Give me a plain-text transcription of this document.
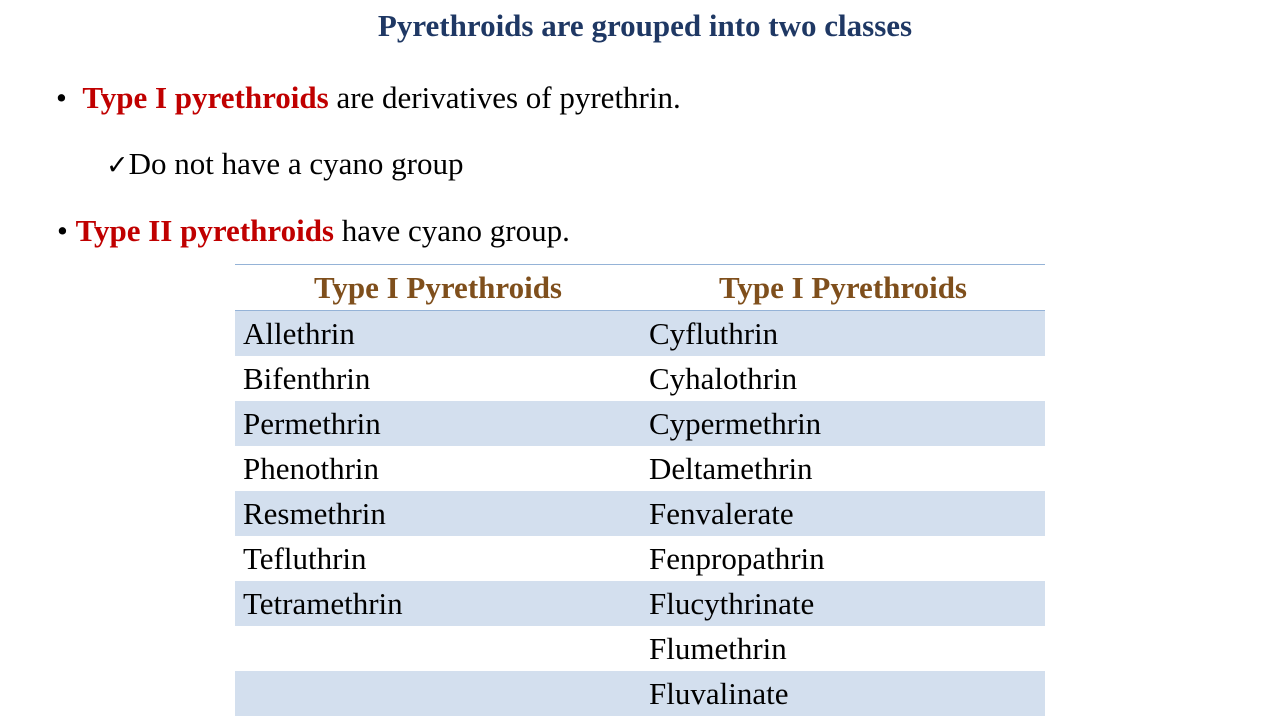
Pyrethroids are grouped into two classes
• Type I pyrethroids are derivatives of pyrethrin.
✓Do not have a cyano group
• Type II pyrethroids have cyano group.
Type I Pyrethroids	Type I Pyrethroids
Allethrin	Cyfluthrin
Bifenthrin	Cyhalothrin
Permethrin	Cypermethrin
Phenothrin	Deltamethrin
Resmethrin	Fenvalerate
Tefluthrin	Fenpropathrin
Tetramethrin	Flucythrinate
	Flumethrin
	Fluvalinate
